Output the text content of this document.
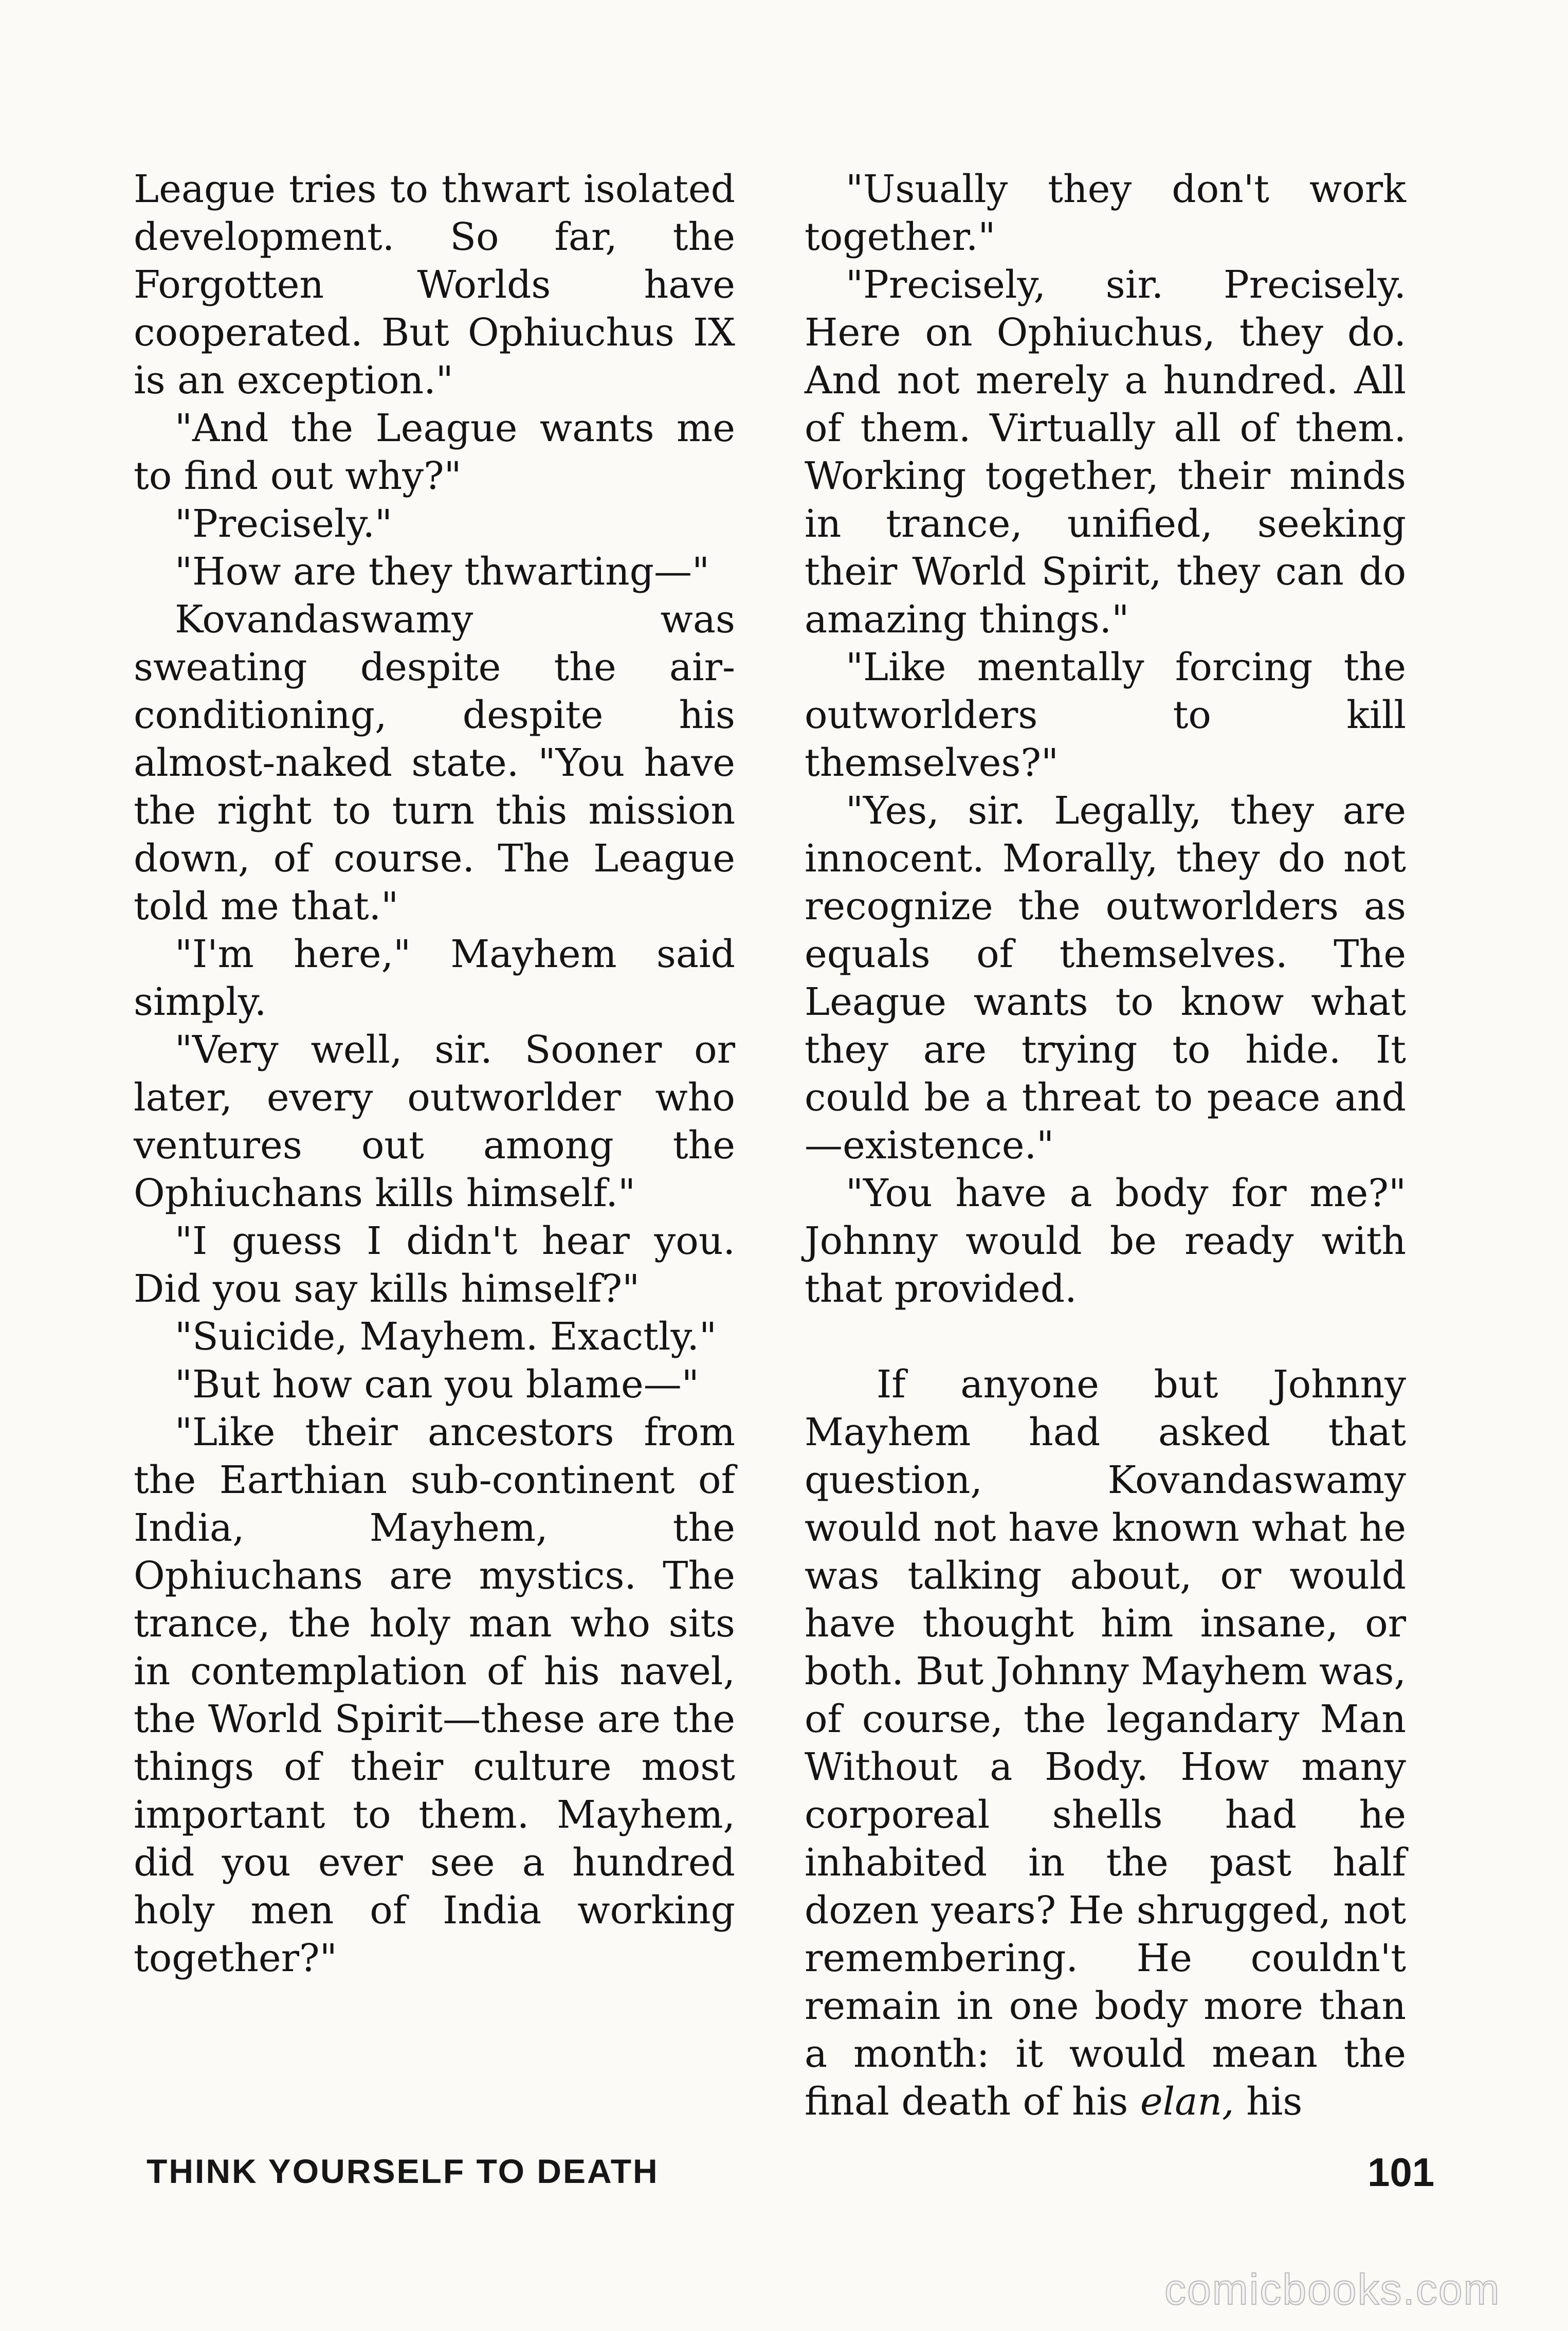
League tries to thwart isolated development. So far, the Forgotten Worlds have cooperated. But Ophiuchus IX is an exception."

"And the League wants me to find out why?"

"Precisely."

"How are they thwarting—"

Kovandaswamy was sweating despite the air-conditioning, despite his almost-naked state. "You have the right to turn this mission down, of course. The League told me that."

"I'm here," Mayhem said simply.

"Very well, sir. Sooner or later, every outworlder who ventures out among the Ophiuchans kills himself."

"I guess I didn't hear you. Did you say kills himself?"

"Suicide, Mayhem. Exactly."

"But how can you blame—"

"Like their ancestors from the Earthian sub-continent of India, Mayhem, the Ophiuchans are mystics. The trance, the holy man who sits in contemplation of his navel, the World Spirit—these are the things of their culture most important to them. Mayhem, did you ever see a hundred holy men of India working together?"

"Usually they don't work together."

"Precisely, sir. Precisely. Here on Ophiuchus, they do. And not merely a hundred. All of them. Virtually all of them. Working together, their minds in trance, unified, seeking their World Spirit, they can do amazing things."

"Like mentally forcing the outworlders to kill themselves?"

"Yes, sir. Legally, they are innocent. Morally, they do not recognize the outworlders as equals of themselves. The League wants to know what they are trying to hide. It could be a threat to peace and—existence."

"You have a body for me?" Johnny would be ready with that provided.

If anyone but Johnny Mayhem had asked that question, Kovandaswamy would not have known what he was talking about, or would have thought him insane, or both. But Johnny Mayhem was, of course, the legandary Man Without a Body. How many corporeal shells had he inhabited in the past half dozen years? He shrugged, not remembering. He couldn't remain in one body more than a month: it would mean the final death of his elan, his

THINK YOURSELF TO DEATH	101
comicbooks.com
